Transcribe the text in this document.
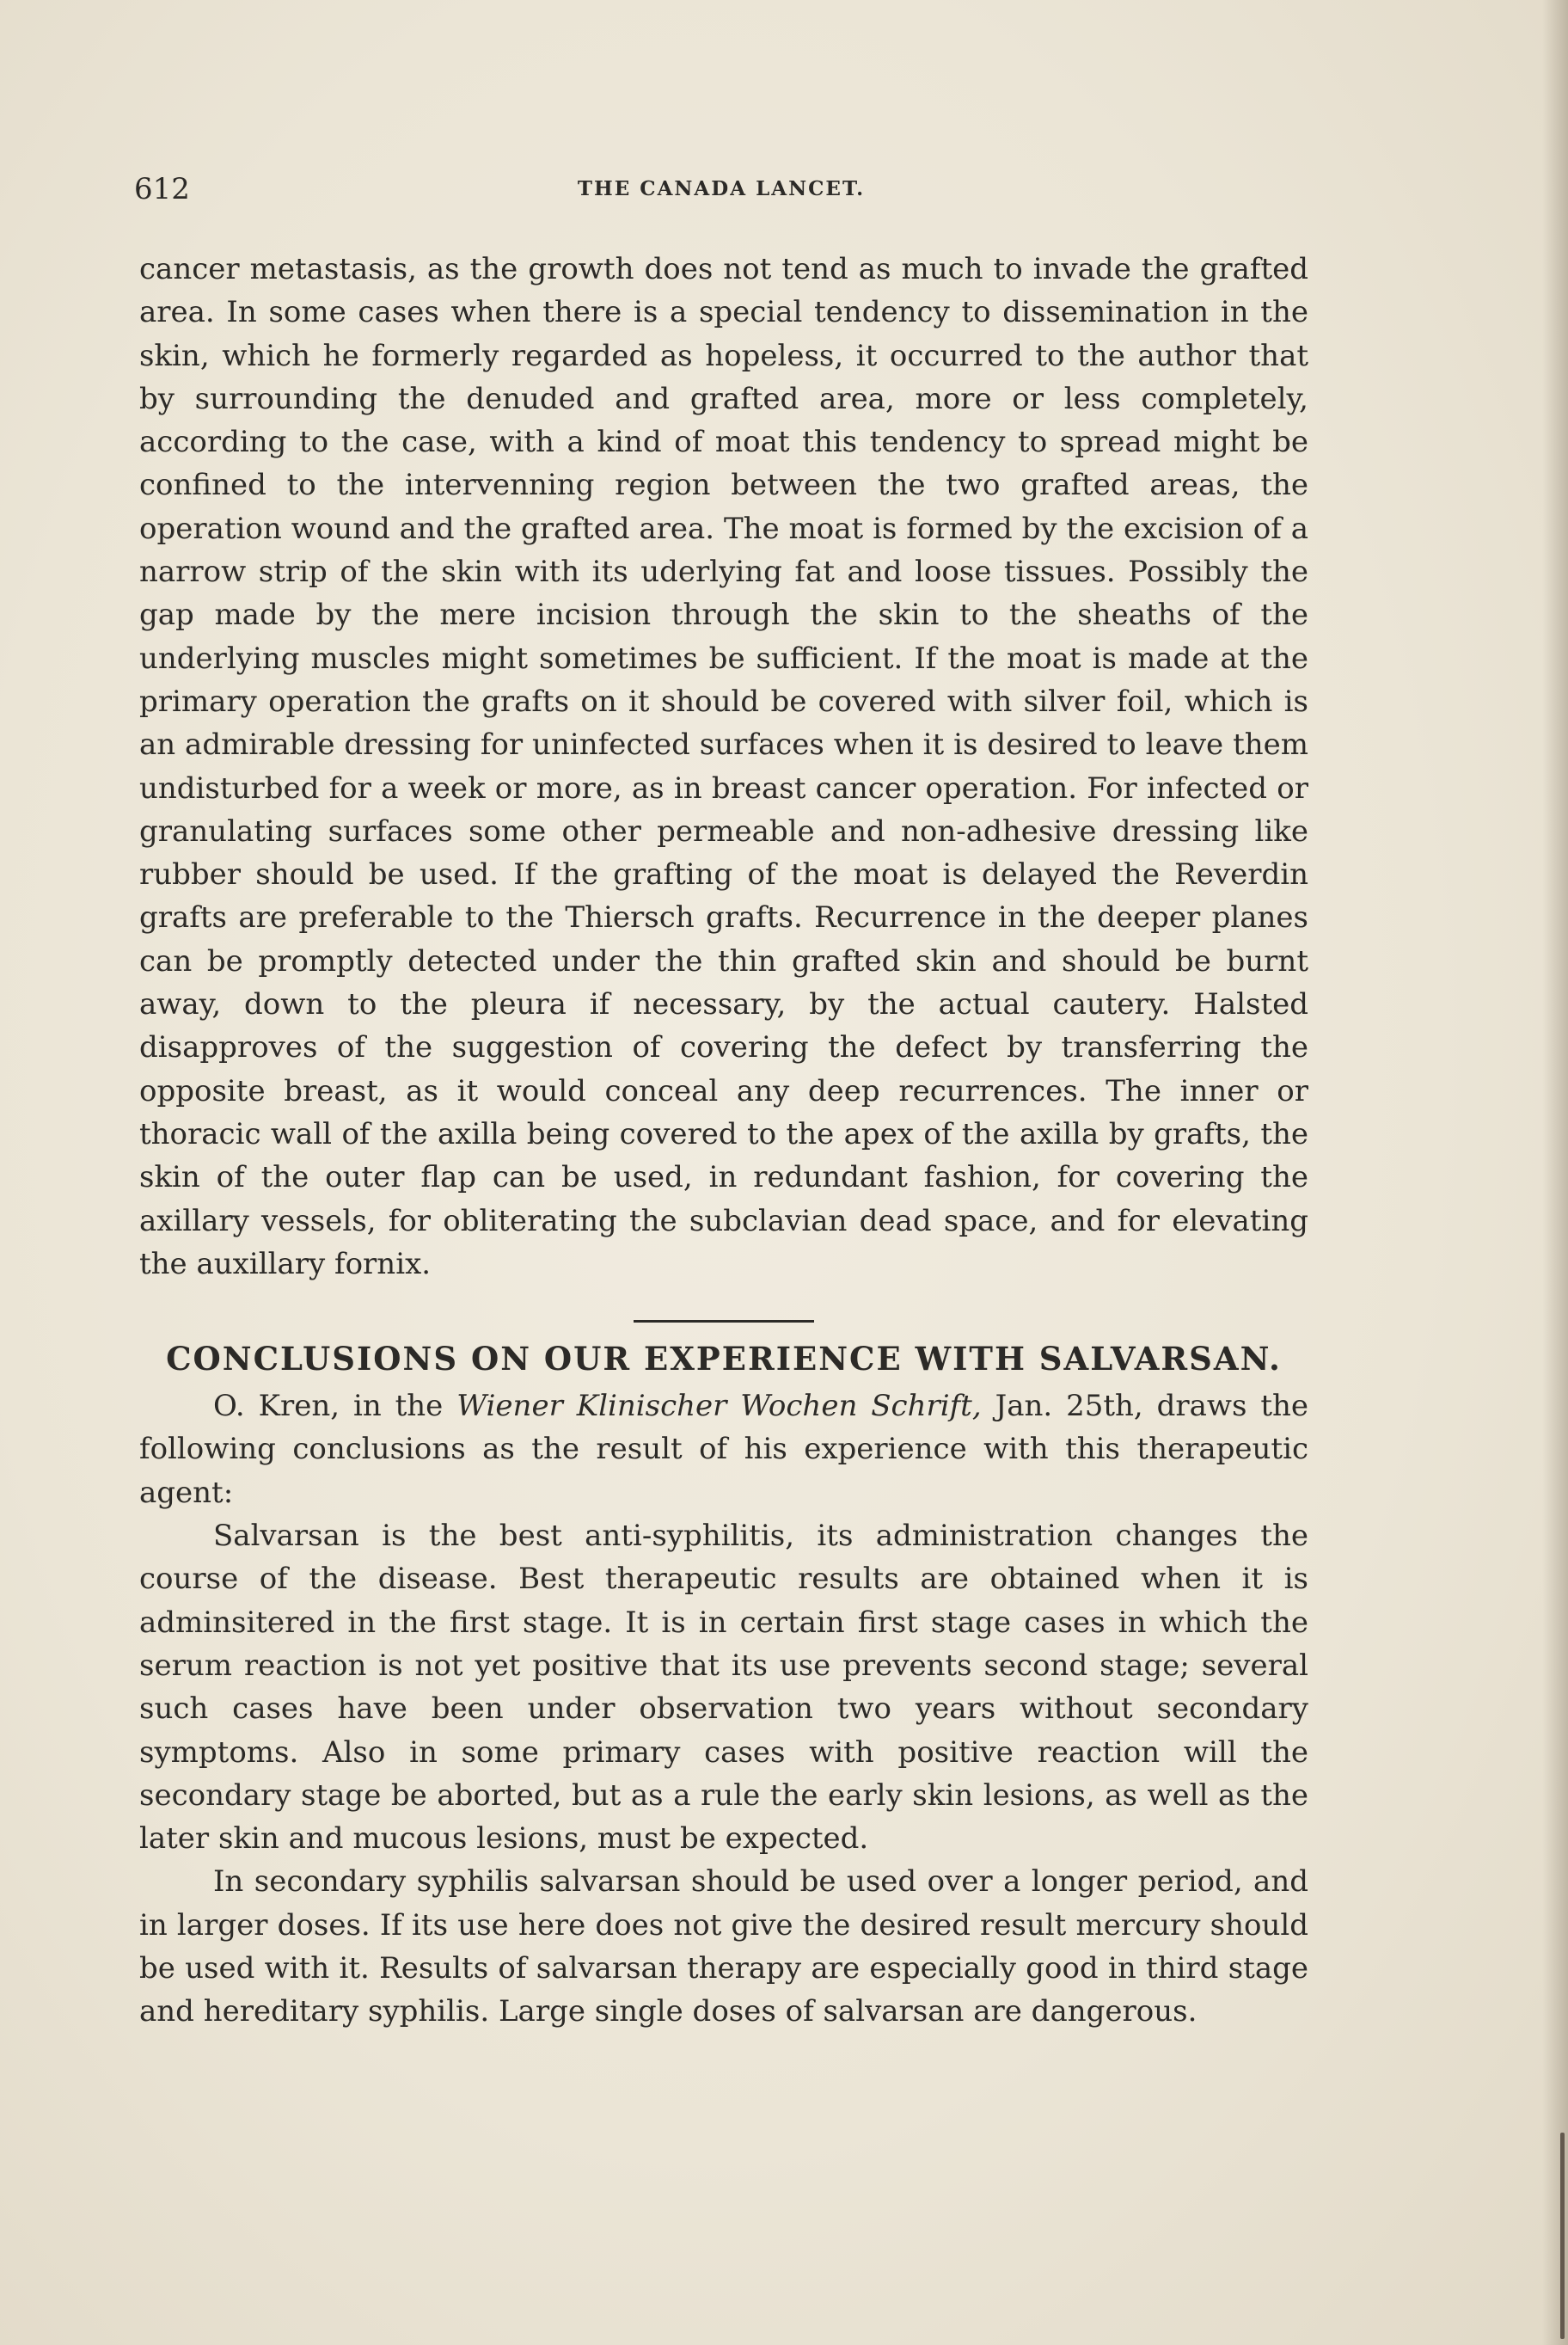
612	THE CANADA LANCET.

cancer metastasis, as the growth does not tend as much to invade the grafted area. In some cases when there is a special tendency to dissemination in the skin, which he formerly regarded as hopeless, it occurred to the author that by surrounding the denuded and grafted area, more or less completely, according to the case, with a kind of moat this tendency to spread might be confined to the intervenning region between the two grafted areas, the operation wound and the grafted area. The moat is formed by the excision of a narrow strip of the skin with its uderlying fat and loose tissues. Possibly the gap made by the mere incision through the skin to the sheaths of the underlying muscles might sometimes be sufficient. If the moat is made at the primary operation the grafts on it should be covered with silver foil, which is an admirable dressing for uninfected surfaces when it is desired to leave them undisturbed for a week or more, as in breast cancer operation. For infected or granulating surfaces some other permeable and non-adhesive dressing like rubber should be used. If the grafting of the moat is delayed the Reverdin grafts are preferable to the Thiersch grafts. Recurrence in the deeper planes can be promptly detected under the thin grafted skin and should be burnt away, down to the pleura if necessary, by the actual cautery. Halsted disapproves of the suggestion of covering the defect by transferring the opposite breast, as it would conceal any deep recurrences. The inner or thoracic wall of the axilla being covered to the apex of the axilla by grafts, the skin of the outer flap can be used, in redundant fashion, for covering the axillary vessels, for obliterating the subclavian dead space, and for elevating the auxillary fornix.

CONCLUSIONS ON OUR EXPERIENCE WITH SALVARSAN.

O. Kren, in the Wiener Klinischer Wochen Schrift, Jan. 25th, draws the following conclusions as the result of his experience with this therapeutic agent:

Salvarsan is the best anti-syphilitis, its administration changes the course of the disease. Best therapeutic results are obtained when it is adminsitered in the first stage. It is in certain first stage cases in which the serum reaction is not yet positive that its use prevents second stage; several such cases have been under observation two years without secondary symptoms. Also in some primary cases with positive reaction will the secondary stage be aborted, but as a rule the early skin lesions, as well as the later skin and mucous lesions, must be expected.

In secondary syphilis salvarsan should be used over a longer period, and in larger doses. If its use here does not give the desired result mercury should be used with it. Results of salvarsan therapy are especially good in third stage and hereditary syphilis. Large single doses of salvarsan are dangerous.
